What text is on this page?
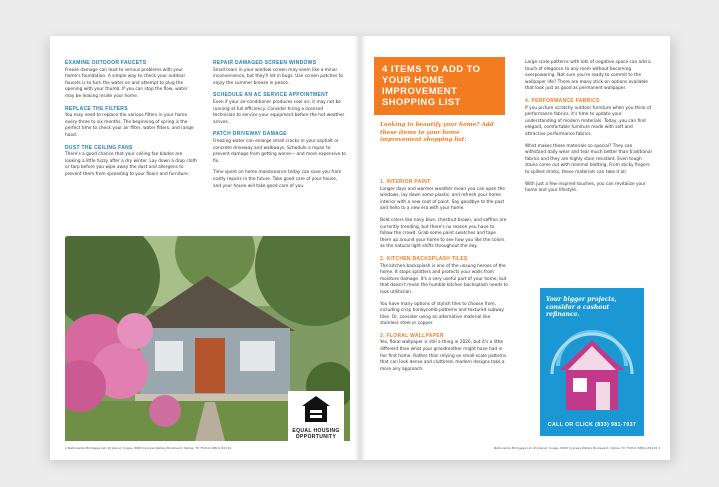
EXAMINE OUTDOOR FAUCETS

Freeze damage can lead to serious problems with your home's foundation. A simple way to check your outdoor faucets is to turn the water on and attempt to plug the opening with your thumb. If you can stop the flow, water may be leaking inside your home.

REPLACE THE FILTERS

You may need to replace the various filters in your home every three to six months. The beginning of spring is the perfect time to check your air filter, water filters, and range hood.

DUST THE CEILING FANS

There's a good chance that your ceiling fan blades are looking a little fuzzy after a dry winter. Lay down a drop cloth or tarp before you wipe away the dust and allergens to prevent them from spreading to your floors and furniture.

REPAIR DAMAGED SCREEN WINDOWS

Small tears in your window screen may seem like a minor inconvenience, but they'll let in bugs. Use screen patches to enjoy the summer breeze in peace.

SCHEDULE AN AC SERVICE APPOINTMENT

Even if your air-conditioner produces cool air, it may not be running at full efficiency. Consider hiring a licensed technician to service your equipment before the hot weather arrives.

PATCH DRIVEWAY DAMAGE

Freezing water can enlarge small cracks in your asphalt or concrete driveway and walkways. Schedule a repair to prevent damage from getting worse— and more expensive to fix.

Time spent on home maintenance today can save you from costly repairs in the future. Take good care of your house, and your house will take good care of you.

EQUAL HOUSING OPPORTUNITY
2 Nationwide Mortgage LLC #{place} Coppe, 8980 Cypress Waters Boulevard, Dallas, TX 75019, NMLS #2119
4 ITEMS TO ADD TO YOUR HOME IMPROVEMENT SHOPPING LIST
Looking to beautify your home? Add these items to your home improvement shopping list:
1. INTERIOR PAINT

Longer days and warmer weather mean you can open the windows, lay down some plastic, and refresh your home interior with a new coat of paint. Say goodbye to the past and hello to a new era with your home.

Bold colors like navy blue, chestnut brown, and saffron are currently trending, but there's no reason you have to follow the crowd. Grab some paint swatches and tape them up around your home to see how you like the colors as the natural light shifts throughout the day.

2. KITCHEN BACKSPLASH TILES

The kitchen backsplash is one of the unsung heroes of the home. It stops splatters and protects your walls from moisture damage. It's a very useful part of your home, but that doesn't mean the humble kitchen backsplash needs to look utilitarian.

You have many options of stylish tiles to choose from, including crisp honeycomb patterns and textured subway tiles. Or, consider using an alternative material like stainless steel or copper.

3. FLORAL WALLPAPER

Yes, floral wallpaper is still a thing in 2020, but it's a little different than what your grandmother might have had in her first home. Rather than relying on small-scale patterns that can look dense and cluttered, modern designs take a more airy approach.

Large scale patterns with lots of negative space can add a touch of elegance to any room without becoming overpowering. Not sure you're ready to commit to the wallpaper life? There are many stick-on options available that look just as good as permanent wallpaper.

4. PERFORMANCE FABRICS

If you picture scratchy outdoor furniture when you think of performance fabrics, it's time to update your understanding of modern materials. Today, you can find elegant, comfortable furniture made with soft and attractive performance fabrics.

What makes these materials so special? They can withstand daily wear and tear much better than traditional fabrics and they are highly stain resistant. Even tough stains come out with minimal blotting. From sticky fingers to spilled drinks, these materials can take it all.

With just a few inspired touches, you can revitalize your home and your lifestyle.

Your bigger projects, consider a cashout refinance.
CALL OR CLICK (833) 981-7037
Nationwide Mortgage LLC #{place} Coppe, 8980 Cypress Waters Boulevard, Dallas, TX 75019, NMLS #2119 3
